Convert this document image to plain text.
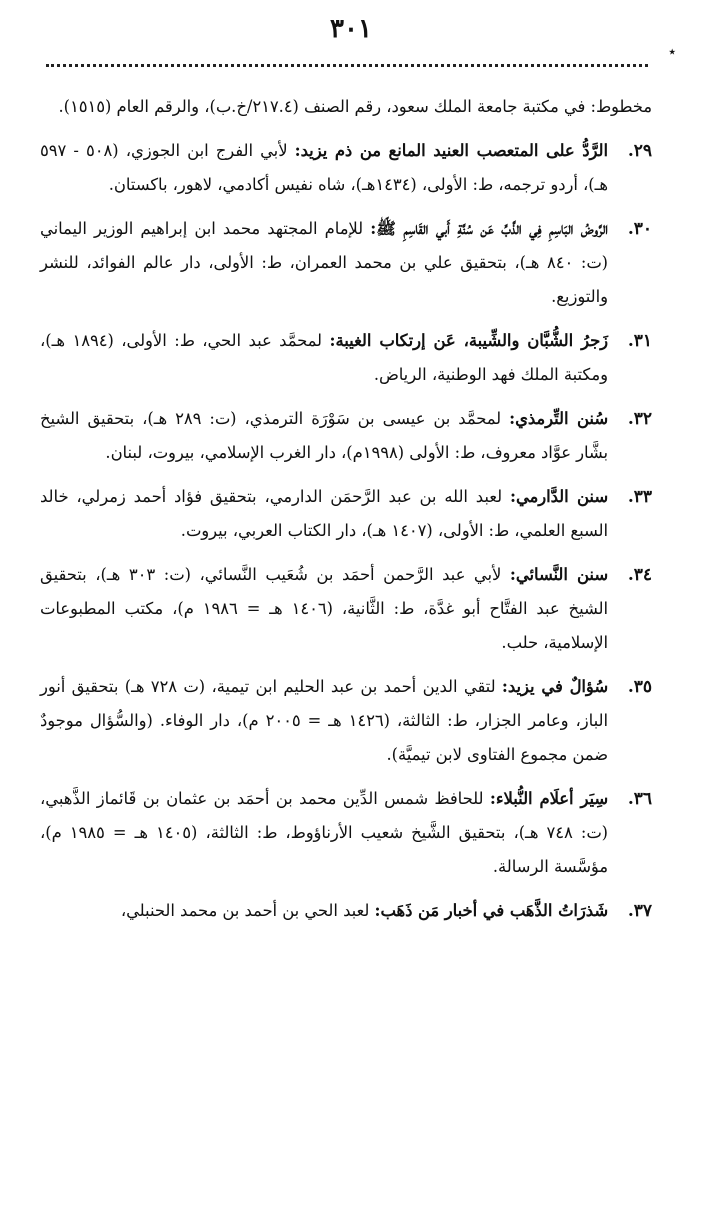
٣٠١
٭

مخطوط: في مكتبة جامعة الملك سعود، رقم الصنف (٢١٧.٤/خ.ب)، والرقم العام (١٥١٥).

٢٩.

الرَّدُّ على المتعصب العنيد المانع من ذم يزيد: لأبي الفرج ابن الجوزي، (٥٠٨ - ٥٩٧ هـ)، أردو ترجمه، ط: الأولى، (١٤٣٤هـ)، شاه نفيس أكادمي، لاهور، باكستان.

٣٠.

الرَّوضُ البَاسِمِ فِي الذَّبِّ عَن سُنَّةِ أَبي القَاسِمِ ﷺ: للإمام المجتهد محمد ابن إبراهيم الوزير اليماني (ت: ٨٤٠ هـ)، بتحقيق علي بن محمد العمران، ط: الأولى، دار عالم الفوائد، للنشر والتوزيع.

٣١.

زَجرُ الشُّبَّان والشِّيبة، عَن إرتكاب الغيبة: لمحمَّد عبد الحي، ط: الأولى، (١٨٩٤ هـ)، ومكتبة الملك فهد الوطنية، الرياض.

٣٢.

سُنن التِّرمذي: لمحمَّد بن عيسى بن سَوْرَة الترمذي، (ت: ٢٨٩ هـ)، بتحقيق الشيخ بشَّار عوَّاد معروف، ط: الأولى (١٩٩٨م)، دار الغرب الإسلامي، بيروت، لبنان.

٣٣.

سنن الدَّارمي: لعبد الله بن عبد الرَّحمَن الدارمي، بتحقيق فؤاد أحمد زمرلي، خالد السبع العلمي، ط: الأولى، (١٤٠٧ هـ)، دار الكتاب العربي، بيروت.

٣٤.

سنن النَّسائي: لأبي عبد الرَّحمن أحمَد بن شُعَيب النَّسائي، (ت: ٣٠٣ هـ)، بتحقيق الشيخ عبد الفتَّاح أبو غدَّة، ط: الثَّانية، (١٤٠٦ هـ = ١٩٨٦ م)، مكتب المطبوعات الإسلامية، حلب.

٣٥.

سُؤالٌ في يزيد: لتقي الدين أحمد بن عبد الحليم ابن تيمية، (ت ٧٢٨ هـ) بتحقيق أنور الباز، وعامر الجزار، ط: الثالثة، (١٤٢٦ هـ = ٢٠٠٥ م)، دار الوفاء. (والسُّؤال موجودٌ ضمن مجموع الفتاوى لابن تيميَّة).

٣٦.

سِيَر أعلَام النُّبلاء: للحافظ شمس الدِّين محمد بن أحمَد بن عثمان بن قَائماز الذَّهبي، (ت: ٧٤٨ هـ)، بتحقيق الشَّيخ شعيب الأرناؤوط، ط: الثالثة، (١٤٠٥ هـ = ١٩٨٥ م)، مؤسَّسة الرسالة.

٣٧.

شَذرَاتُ الذَّهَب في أخبار مَن ذَهَب: لعبد الحي بن أحمد بن محمد الحنبلي،
